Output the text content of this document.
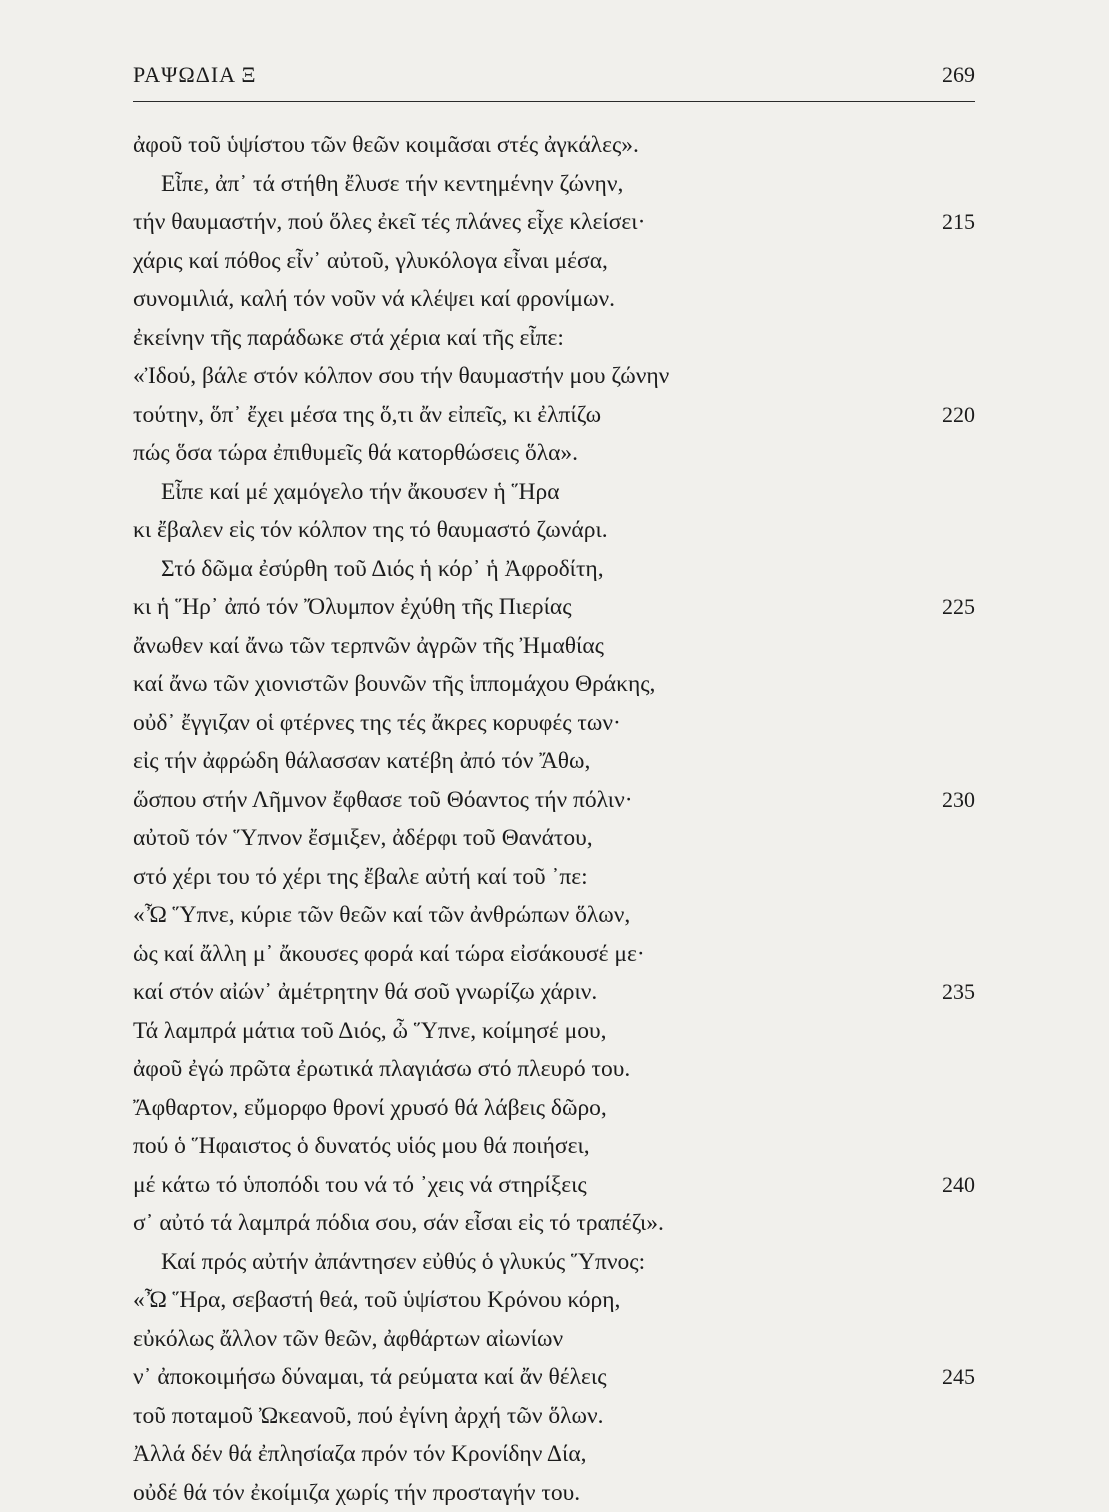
ΡΑΨΩΔΙΑ Ξ	269
ἀφοῦ τοῦ ὑψίστου τῶν θεῶν κοιμᾶσαι στές ἀγκάλες».
Εἶπε, ἀπ᾽ τά στήθη ἔλυσε τήν κεντημένην ζώνην,
τήν θαυμαστήν, πού ὅλες ἐκεῖ τές πλάνες εἶχε κλείσει·	215
χάρις καί πόθος εἶν᾽ αὐτοῦ, γλυκόλογα εἶναι μέσα,
συνομιλιά, καλή τόν νοῦν νά κλέψει καί φρονίμων.
ἐκείνην τῆς παράδωκε στά χέρια καί τῆς εἶπε:
«Ἰδού, βάλε στόν κόλπον σου τήν θαυμαστήν μου ζώνην
τούτην, ὅπ᾽ ἔχει μέσα της ὅ,τι ἄν εἰπεῖς, κι ἐλπίζω	220
πώς ὅσα τώρα ἐπιθυμεῖς θά κατορθώσεις ὅλα».
Εἶπε καί μέ χαμόγελο τήν ἄκουσεν ἡ Ἥρα
κι ἔβαλεν εἰς τόν κόλπον της τό θαυμαστό ζωνάρι.
Στό δῶμα ἐσύρθη τοῦ Διός ἡ κόρ᾽ ἡ Ἀφροδίτη,
κι ἡ Ἥρ᾽ ἀπό τόν Ὄλυμπον ἐχύθη τῆς Πιερίας	225
ἄνωθεν καί ἄνω τῶν τερπνῶν ἀγρῶν τῆς Ἠμαθίας
καί ἄνω τῶν χιονιστῶν βουνῶν τῆς ἱππομάχου Θράκης,
οὐδ᾽ ἔγγιζαν οἱ φτέρνες της τές ἄκρες κορυφές των·
εἰς τήν ἀφρώδη θάλασσαν κατέβη ἀπό τόν Ἄθω,
ὥσπου στήν Λῆμνον ἔφθασε τοῦ Θόαντος τήν πόλιν·	230
αὐτοῦ τόν Ὕπνον ἔσμιξεν, ἀδέρφι τοῦ Θανάτου,
στό χέρι του τό χέρι της ἔβαλε αὐτή καί τοῦ ᾽πε:
«Ὦ Ὕπνε, κύριε τῶν θεῶν καί τῶν ἀνθρώπων ὅλων,
ὡς καί ἄλλη μ᾽ ἄκουσες φορά καί τώρα εἰσάκουσέ με·
καί στόν αἰών᾽ ἀμέτρητην θά σοῦ γνωρίζω χάριν.	235
Τά λαμπρά μάτια τοῦ Διός, ὦ Ὕπνε, κοίμησέ μου,
ἀφοῦ ἐγώ πρῶτα ἐρωτικά πλαγιάσω στό πλευρό του.
Ἄφθαρτον, εὔμορφο θρονί χρυσό θά λάβεις δῶρο,
πού ὁ Ἥφαιστος ὁ δυνατός υἱός μου θά ποιήσει,
μέ κάτω τό ὑποπόδι του νά τό ᾽χεις νά στηρίξεις	240
σ᾽ αὐτό τά λαμπρά πόδια σου, σάν εἶσαι εἰς τό τραπέζι».
Καί πρός αὐτήν ἀπάντησεν εὐθύς ὁ γλυκύς Ὕπνος:
«Ὦ Ἥρα, σεβαστή θεά, τοῦ ὑψίστου Κρόνου κόρη,
εὐκόλως ἄλλον τῶν θεῶν, ἀφθάρτων αἰωνίων
ν᾽ ἀποκοιμήσω δύναμαι, τά ρεύματα καί ἄν θέλεις	245
τοῦ ποταμοῦ Ὠκεανοῦ, πού ἐγίνη ἀρχή τῶν ὅλων.
Ἀλλά δέν θά ἐπλησίαζα πρόν τόν Κρονίδην Δία,
οὐδέ θά τόν ἐκοίμιζα χωρίς τήν προσταγήν του.
